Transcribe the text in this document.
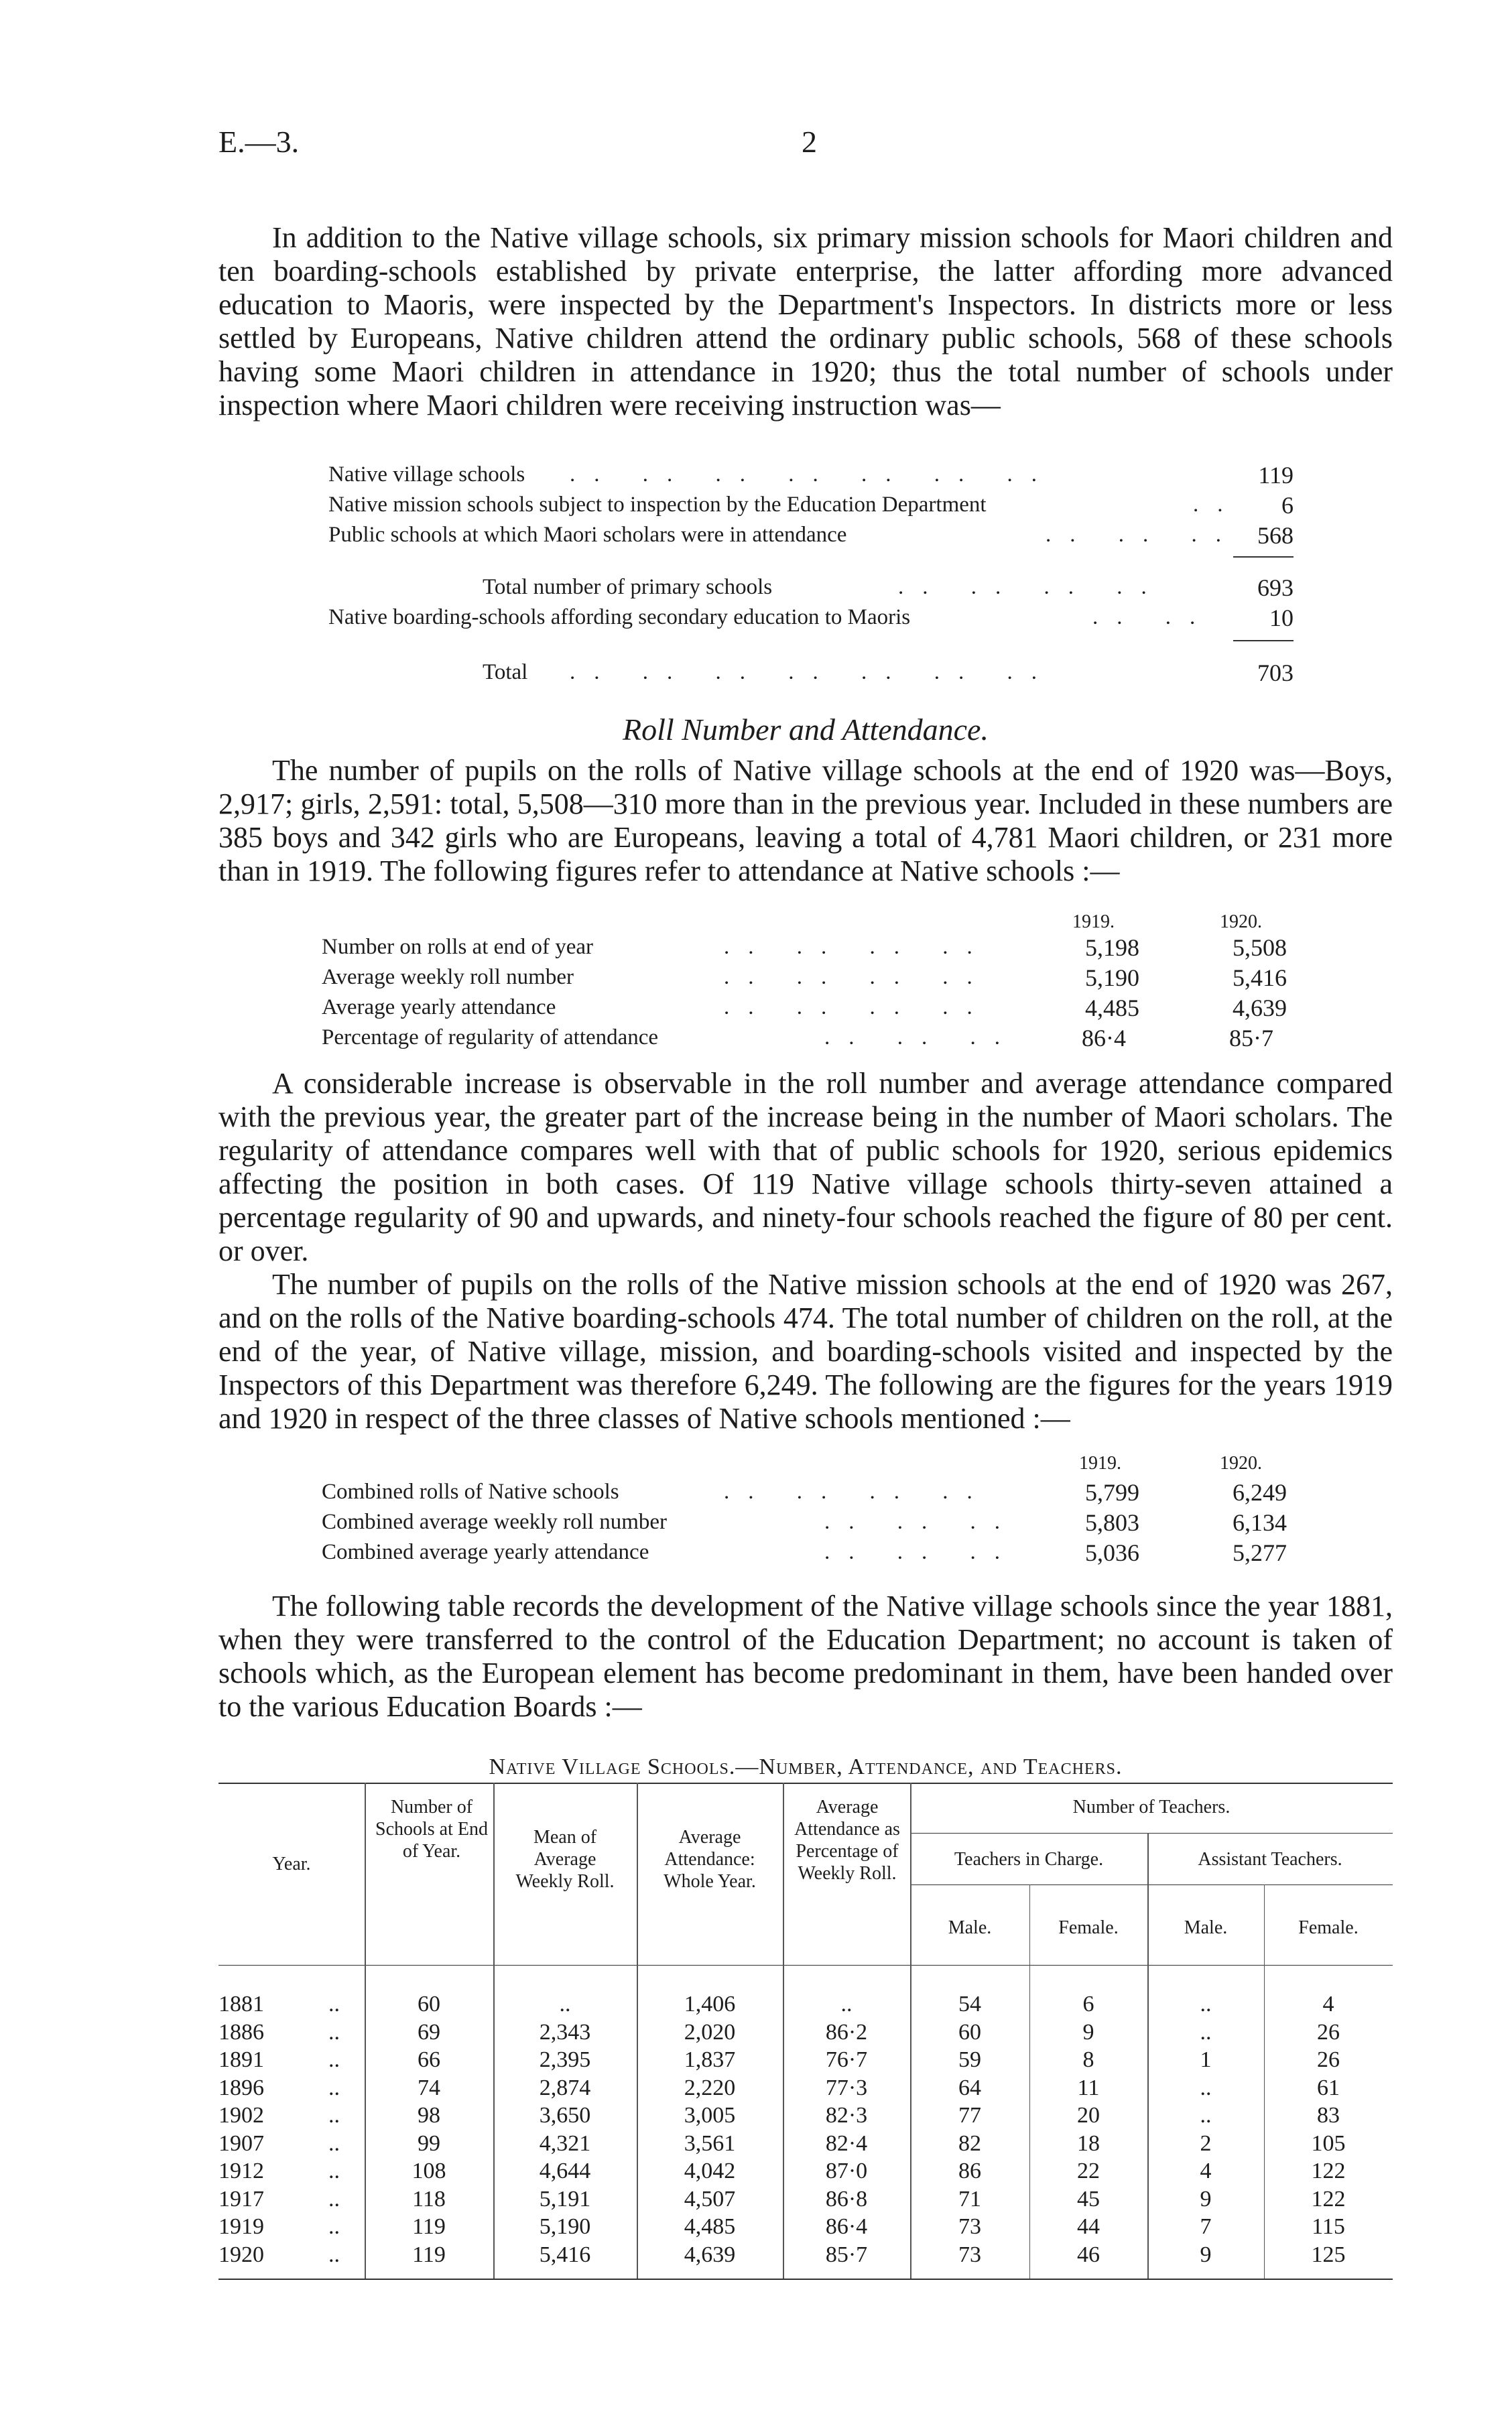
E.—3.	2

In addition to the Native village schools, six primary mission schools for Maori children and ten boarding-schools established by private enterprise, the latter affording more advanced education to Maoris, were inspected by the Department's Inspectors. In districts more or less settled by Europeans, Native children attend the ordinary public schools, 568 of these schools having some Maori children in attendance in 1920; thus the total number of schools under inspection where Maori children were receiving instruction was—

Native village schools .. .. .. .. .. .. ..	119
Native mission schools subject to inspection by the Education Department	..	6
Public schools at which Maori scholars were in attendance	.. .. .. 568
Total number of primary schools	.. .. .. ..	693
Native boarding-schools affording secondary education to Maoris	.. ..	10
Total .. .. .. .. .. .. ..	703
Roll Number and Attendance.

The number of pupils on the rolls of Native village schools at the end of 1920 was—Boys, 2,917; girls, 2,591: total, 5,508—310 more than in the previous year. Included in these numbers are 385 boys and 342 girls who are Europeans, leaving a total of 4,781 Maori children, or 231 more than in 1919. The following figures refer to attendance at Native schools :—

1919.	1920.
Number on rolls at end of year	.. .. .. ..	5,198	5,508
Average weekly roll number	.. .. .. ..	5,190	5,416
Average yearly attendance	.. .. .. ..	4,485	4,639
Percentage of regularity of attendance	.. .. ..	86·4	85·7

A considerable increase is observable in the roll number and average attendance compared with the previous year, the greater part of the increase being in the number of Maori scholars. The regularity of attendance compares well with that of public schools for 1920, serious epidemics affecting the position in both cases. Of 119 Native village schools thirty-seven attained a percentage regularity of 90 and upwards, and ninety-four schools reached the figure of 80 per cent. or over.

The number of pupils on the rolls of the Native mission schools at the end of 1920 was 267, and on the rolls of the Native boarding-schools 474. The total number of children on the roll, at the end of the year, of Native village, mission, and boarding-schools visited and inspected by the Inspectors of this Department was therefore 6,249. The following are the figures for the years 1919 and 1920 in respect of the three classes of Native schools mentioned :—

1919.	1920.
Combined rolls of Native schools	.. .. .. ..	5,799	6,249
Combined average weekly roll number	.. .. ..	5,803	6,134
Combined average yearly attendance	.. .. ..	5,036	5,277

The following table records the development of the Native village schools since the year 1881, when they were transferred to the control of the Education Department; no account is taken of schools which, as the European element has become predominant in them, have been handed over to the various Education Boards :—

Native Village Schools.—Number, Attendance, and Teachers.
Year.
Number of Schools at End of Year.
Mean of Average Weekly Roll.
Average Attendance: Whole Year.
Average Attendance as Percentage of Weekly Roll.
Number of Teachers.
Teachers in Charge.	Assistant Teachers.
Male.	Female.	Male.	Female.
1881	..	60	..	1,406	..	54	6	..	4
1886	..	69	2,343	2,020	86·2	60	9	..	26
1891	..	66	2,395	1,837	76·7	59	8	1	26
1896	..	74	2,874	2,220	77·3	64	11	..	61
1902	..	98	3,650	3,005	82·3	77	20	..	83
1907	..	99	4,321	3,561	82·4	82	18	2	105
1912	..	108	4,644	4,042	87·0	86	22	4	122
1917	..	118	5,191	4,507	86·8	71	45	9	122
1919	..	119	5,190	4,485	86·4	73	44	7	115
1920	..	119	5,416	4,639	85·7	73	46	9	125
